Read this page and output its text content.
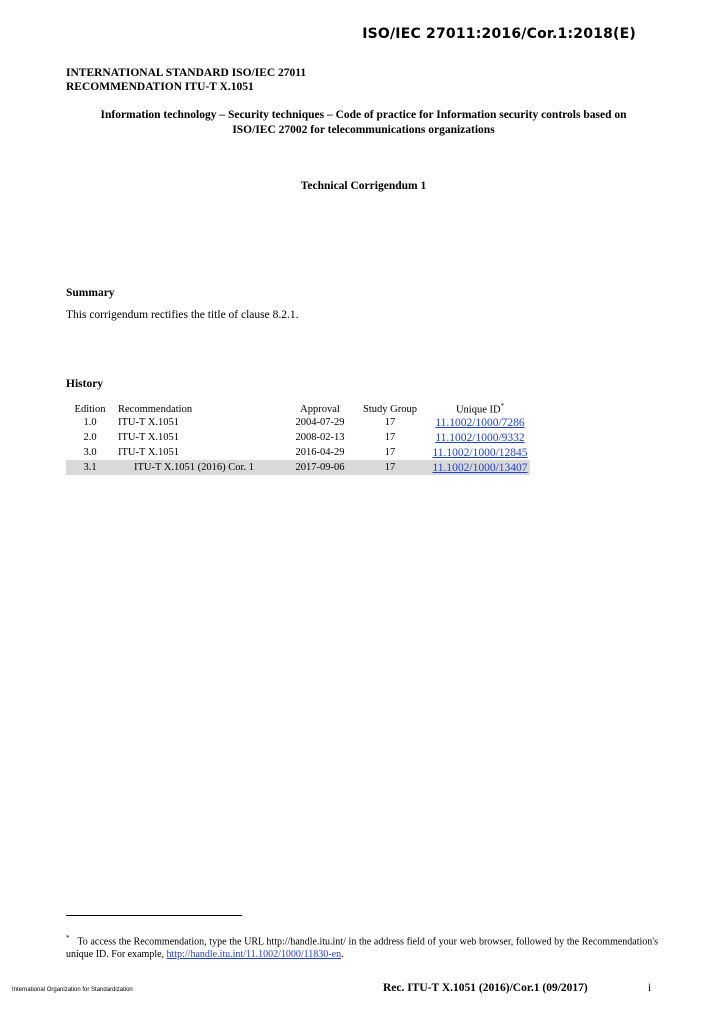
ISO/IEC 27011:2016/Cor.1:2018(E)
INTERNATIONAL STANDARD ISO/IEC 27011
RECOMMENDATION ITU-T X.1051
Information technology – Security techniques – Code of practice for Information security controls based on
ISO/IEC 27002 for telecommunications organizations
Technical Corrigendum 1
Summary
This corrigendum rectifies the title of clause 8.2.1.
History
Edition	Recommendation	Approval	Study Group	Unique ID*
1.0	ITU-T X.1051	2004-07-29	17	11.1002/1000/7286
2.0	ITU-T X.1051	2008-02-13	17	11.1002/1000/9332
3.0	ITU-T X.1051	2016-04-29	17	11.1002/1000/12845
3.1	ITU-T X.1051 (2016) Cor. 1	2017-09-06	17	11.1002/1000/13407
* To access the Recommendation, type the URL http://handle.itu.int/ in the address field of your web browser, followed by the Recommendation's unique ID. For example, http://handle.itu.int/11.1002/1000/11830-en.
International Organization for Standardization	Rec. ITU-T X.1051 (2016)/Cor.1 (09/2017)	i
